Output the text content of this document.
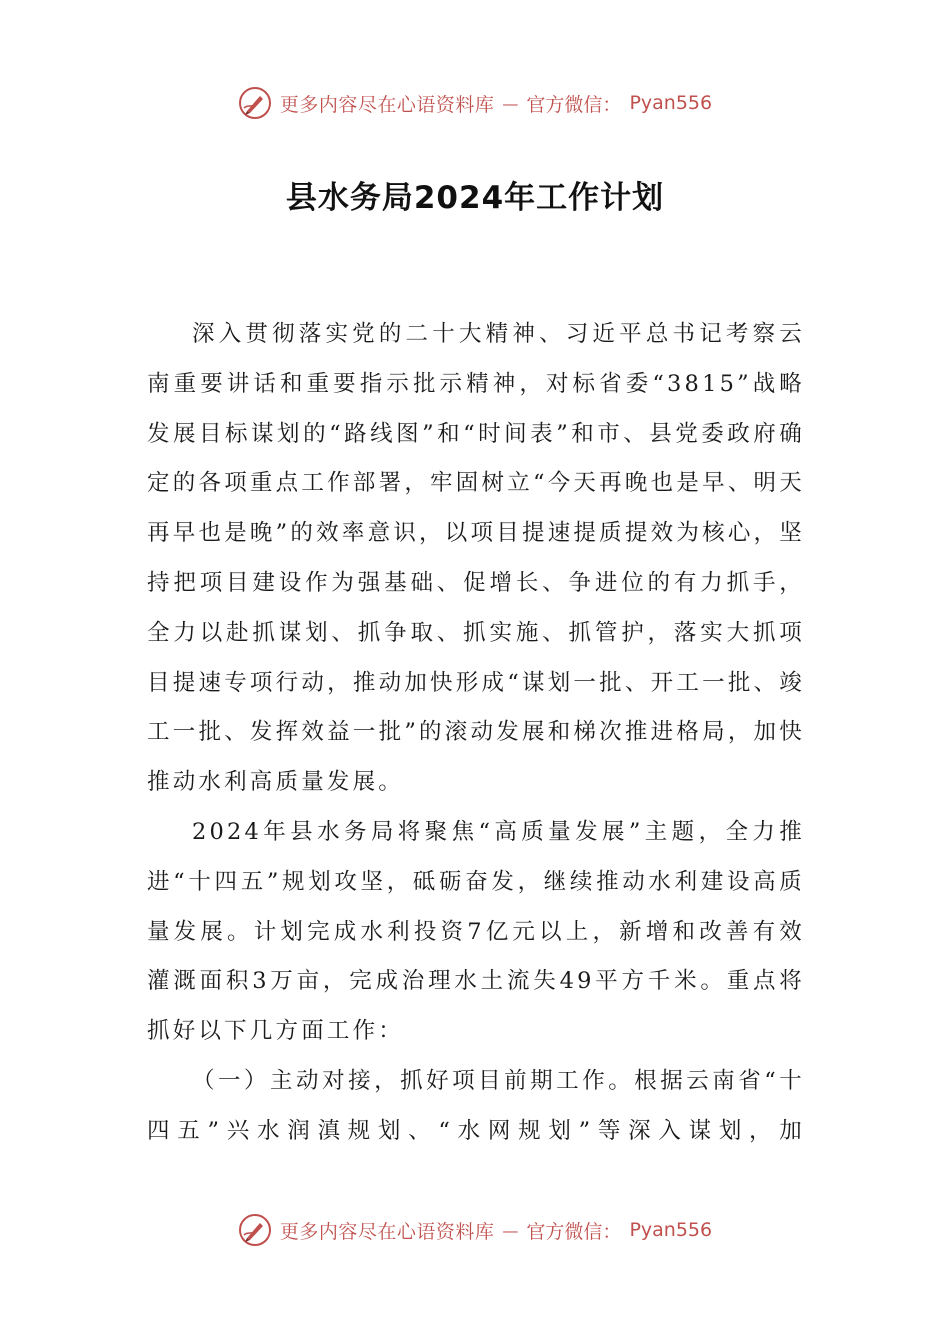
更多内容尽在心语资料库 — 官方微信： Pyan556
县水务局2024年工作计划

深入贯彻落实党的二十大精神、习近平总书记考察云南重要讲话和重要指示批示精神，对标省委“3815”战略发展目标谋划的“路线图”和“时间表”和市、县党委政府确定的各项重点工作部署，牢固树立“今天再晚也是早、明天再早也是晚”的效率意识，以项目提速提质提效为核心，坚持把项目建设作为强基础、促增长、争进位的有力抓手，全力以赴抓谋划、抓争取、抓实施、抓管护，落实大抓项目提速专项行动，推动加快形成“谋划一批、开工一批、竣工一批、发挥效益一批”的滚动发展和梯次推进格局，加快推动水利高质量发展。

2024年县水务局将聚焦“高质量发展”主题，全力推进“十四五”规划攻坚，砥砺奋发，继续推动水利建设高质量发展。计划完成水利投资7亿元以上，新增和改善有效灌溉面积3万亩，完成治理水土流失49平方千米。重点将抓好以下几方面工作：

（一）主动对接，抓好项目前期工作。根据云南省“十四五”兴水润滇规划、“水网规划”等深入谋划，加

更多内容尽在心语资料库 — 官方微信： Pyan556
